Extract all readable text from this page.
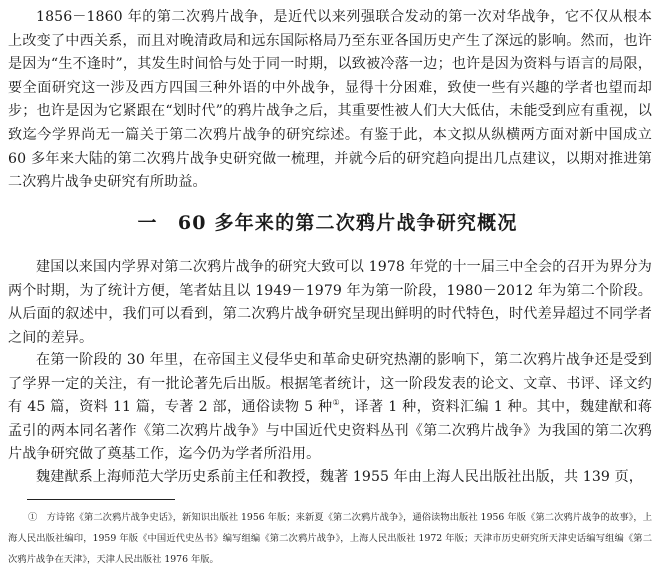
1856－1860 年的第二次鸦片战争，是近代以来列强联合发动的第一次对华战争，它不仅从根本上改变了中西关系，而且对晚清政局和远东国际格局乃至东亚各国历史产生了深远的影响。然而，也许是因为“生不逢时”，其发生时间恰与处于同一时期，以致被冷落一边；也许是因为资料与语言的局限，要全面研究这一涉及西方四国三种外语的中外战争，显得十分困难，致使一些有兴趣的学者也望而却步；也许是因为它紧跟在“划时代”的鸦片战争之后，其重要性被人们大大低估，未能受到应有重视，以致迄今学界尚无一篇关于第二次鸦片战争的研究综述。有鉴于此，本文拟从纵横两方面对新中国成立 60 多年来大陆的第二次鸦片战争史研究做一梳理，并就今后的研究趋向提出几点建议，以期对推进第二次鸦片战争史研究有所助益。

一　60 多年来的第二次鸦片战争研究概况

建国以来国内学界对第二次鸦片战争的研究大致可以 1978 年党的十一届三中全会的召开为界分为两个时期，为了统计方便，笔者姑且以 1949－1979 年为第一阶段，1980－2012 年为第二个阶段。从后面的叙述中，我们可以看到，第二次鸦片战争研究呈现出鲜明的时代特色，时代差异超过不同学者之间的差异。

在第一阶段的 30 年里，在帝国主义侵华史和革命史研究热潮的影响下，第二次鸦片战争还是受到了学界一定的关注，有一批论著先后出版。根据笔者统计，这一阶段发表的论文、文章、书评、译文约有 45 篇，资料 11 篇，专著 2 部，通俗读物 5 种①，译著 1 种，资料汇编 1 种。其中，魏建猷和蒋孟引的两本同名著作《第二次鸦片战争》与中国近代史资料丛刊《第二次鸦片战争》为我国的第二次鸦片战争研究做了奠基工作，迄今仍为学者所沿用。

魏建猷系上海师范大学历史系前主任和教授，魏著 1955 年由上海人民出版社出版，共 139 页，

①　方诗铭《第二次鸦片战争史话》，新知识出版社 1956 年版；来新夏《第二次鸦片战争》，通俗读物出版社 1956 年版《第二次鸦片战争的故事》，上海人民出版社编印，1959 年版《中国近代史丛书》编写组编《第二次鸦片战争》，上海人民出版社 1972 年版；天津市历史研究所天津史话编写组编《第二次鸦片战争在天津》，天津人民出版社 1976 年版。
